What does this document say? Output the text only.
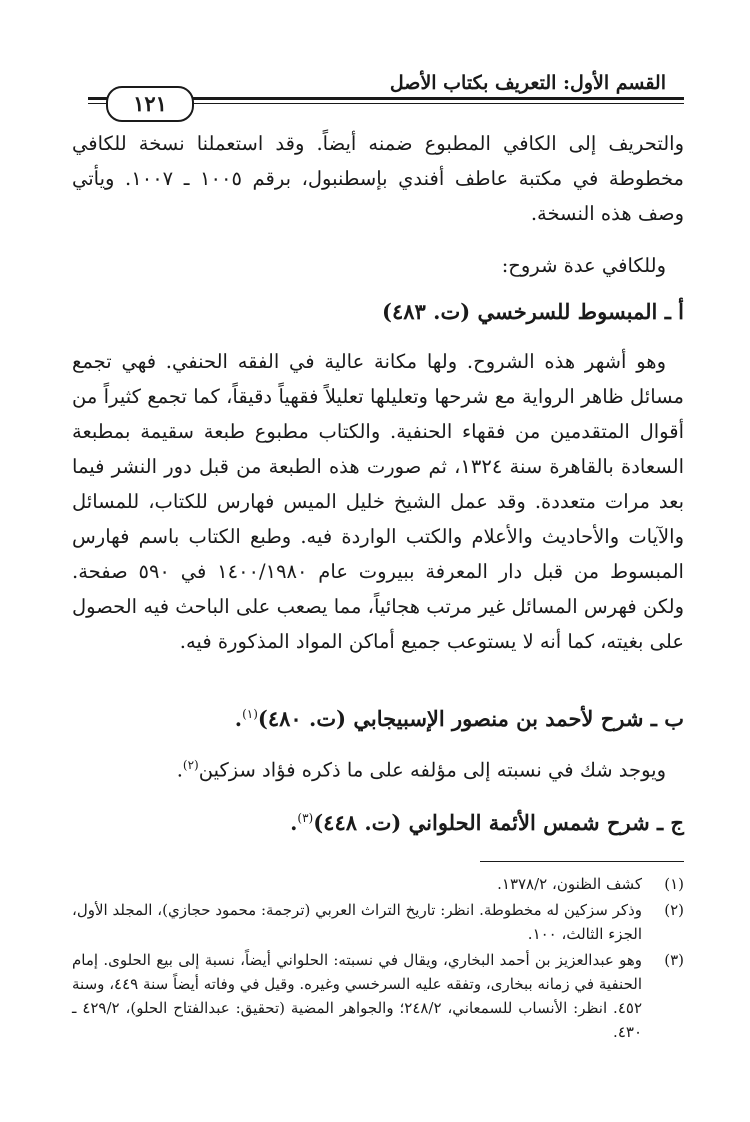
القسم الأول: التعريف بكتاب الأصل
١٢١

والتحريف إلى الكافي المطبوع ضمنه أيضاً. وقد استعملنا نسخة للكافي مخطوطة في مكتبة عاطف أفندي بإسطنبول، برقم ١٠٠٥ ـ ١٠٠٧. ويأتي وصف هذه النسخة.

وللكافي عدة شروح:

أ ـ المبسوط للسرخسي (ت. ٤٨٣)

وهو أشهر هذه الشروح. ولها مكانة عالية في الفقه الحنفي. فهي تجمع مسائل ظاهر الرواية مع شرحها وتعليلها تعليلاً فقهياً دقيقاً، كما تجمع كثيراً من أقوال المتقدمين من فقهاء الحنفية. والكتاب مطبوع طبعة سقيمة بمطبعة السعادة بالقاهرة سنة ١٣٢٤، ثم صورت هذه الطبعة من قبل دور النشر فيما بعد مرات متعددة. وقد عمل الشيخ خليل الميس فهارس للكتاب، للمسائل والآيات والأحاديث والأعلام والكتب الواردة فيه. وطبع الكتاب باسم فهارس المبسوط من قبل دار المعرفة ببيروت عام ١٤٠٠/١٩٨٠ في ٥٩٠ صفحة. ولكن فهرس المسائل غير مرتب هجائياً، مما يصعب على الباحث فيه الحصول على بغيته، كما أنه لا يستوعب جميع أماكن المواد المذكورة فيه.

ب ـ شرح لأحمد بن منصور الإسبيجابي (ت. ٤٨٠)$^{(١)}$.

ويوجد شك في نسبته إلى مؤلفه على ما ذكره فؤاد سزكين$^{(٢)}$.

ج ـ شرح شمس الأئمة الحلواني (ت. ٤٤٨)$^{(٣)}$.

(١)
كشف الظنون، ١٣٧٨/٢.

(٢)
وذكر سزكين له مخطوطة. انظر: تاريخ التراث العربي (ترجمة: محمود حجازي)، المجلد الأول، الجزء الثالث، ١٠٠.

(٣)
وهو عبدالعزيز بن أحمد البخاري، ويقال في نسبته: الحلواني أيضاً، نسبة إلى بيع الحلوى. إمام الحنفية في زمانه ببخارى، وتفقه عليه السرخسي وغيره. وقيل في وفاته أيضاً سنة ٤٤٩، وسنة ٤٥٢. انظر: الأنساب للسمعاني، ٢٤٨/٢؛ والجواهر المضية (تحقيق: عبدالفتاح الحلو)، ٤٢٩/٢ ـ ٤٣٠.
